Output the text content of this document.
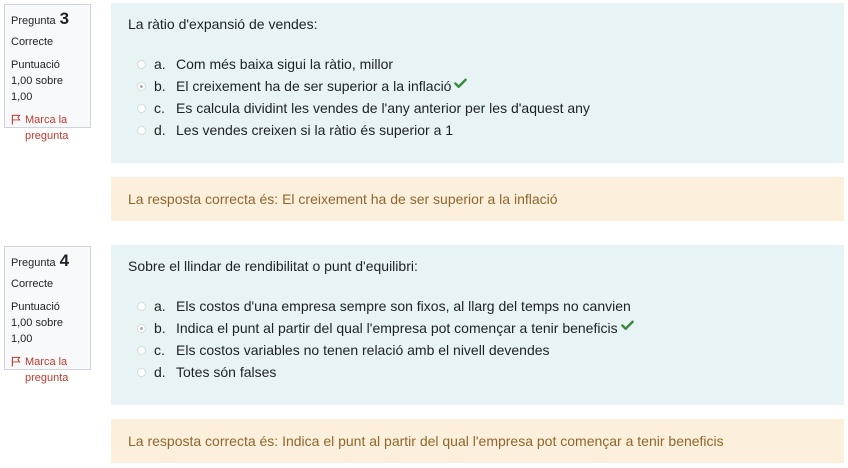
Pregunta 3
Correcte
Puntuació 1,00 sobre 1,00
Marca la pregunta
La ràtio d'expansió de vendes:
a. Com més baixa sigui la ràtio, millor
b. El creixement ha de ser superior a la inflació
c. Es calcula dividint les vendes de l'any anterior per les d'aquest any
d. Les vendes creixen si la ràtio és superior a 1
La resposta correcta és: El creixement ha de ser superior a la inflació
Pregunta 4
Correcte
Puntuació 1,00 sobre 1,00
Marca la pregunta
Sobre el llindar de rendibilitat o punt d'equilibri:
a. Els costos d'una empresa sempre son fixos, al llarg del temps no canvien
b. Indica el punt al partir del qual l'empresa pot començar a tenir beneficis
c. Els costos variables no tenen relació amb el nivell devendes
d. Totes són falses
La resposta correcta és: Indica el punt al partir del qual l'empresa pot començar a tenir beneficis
